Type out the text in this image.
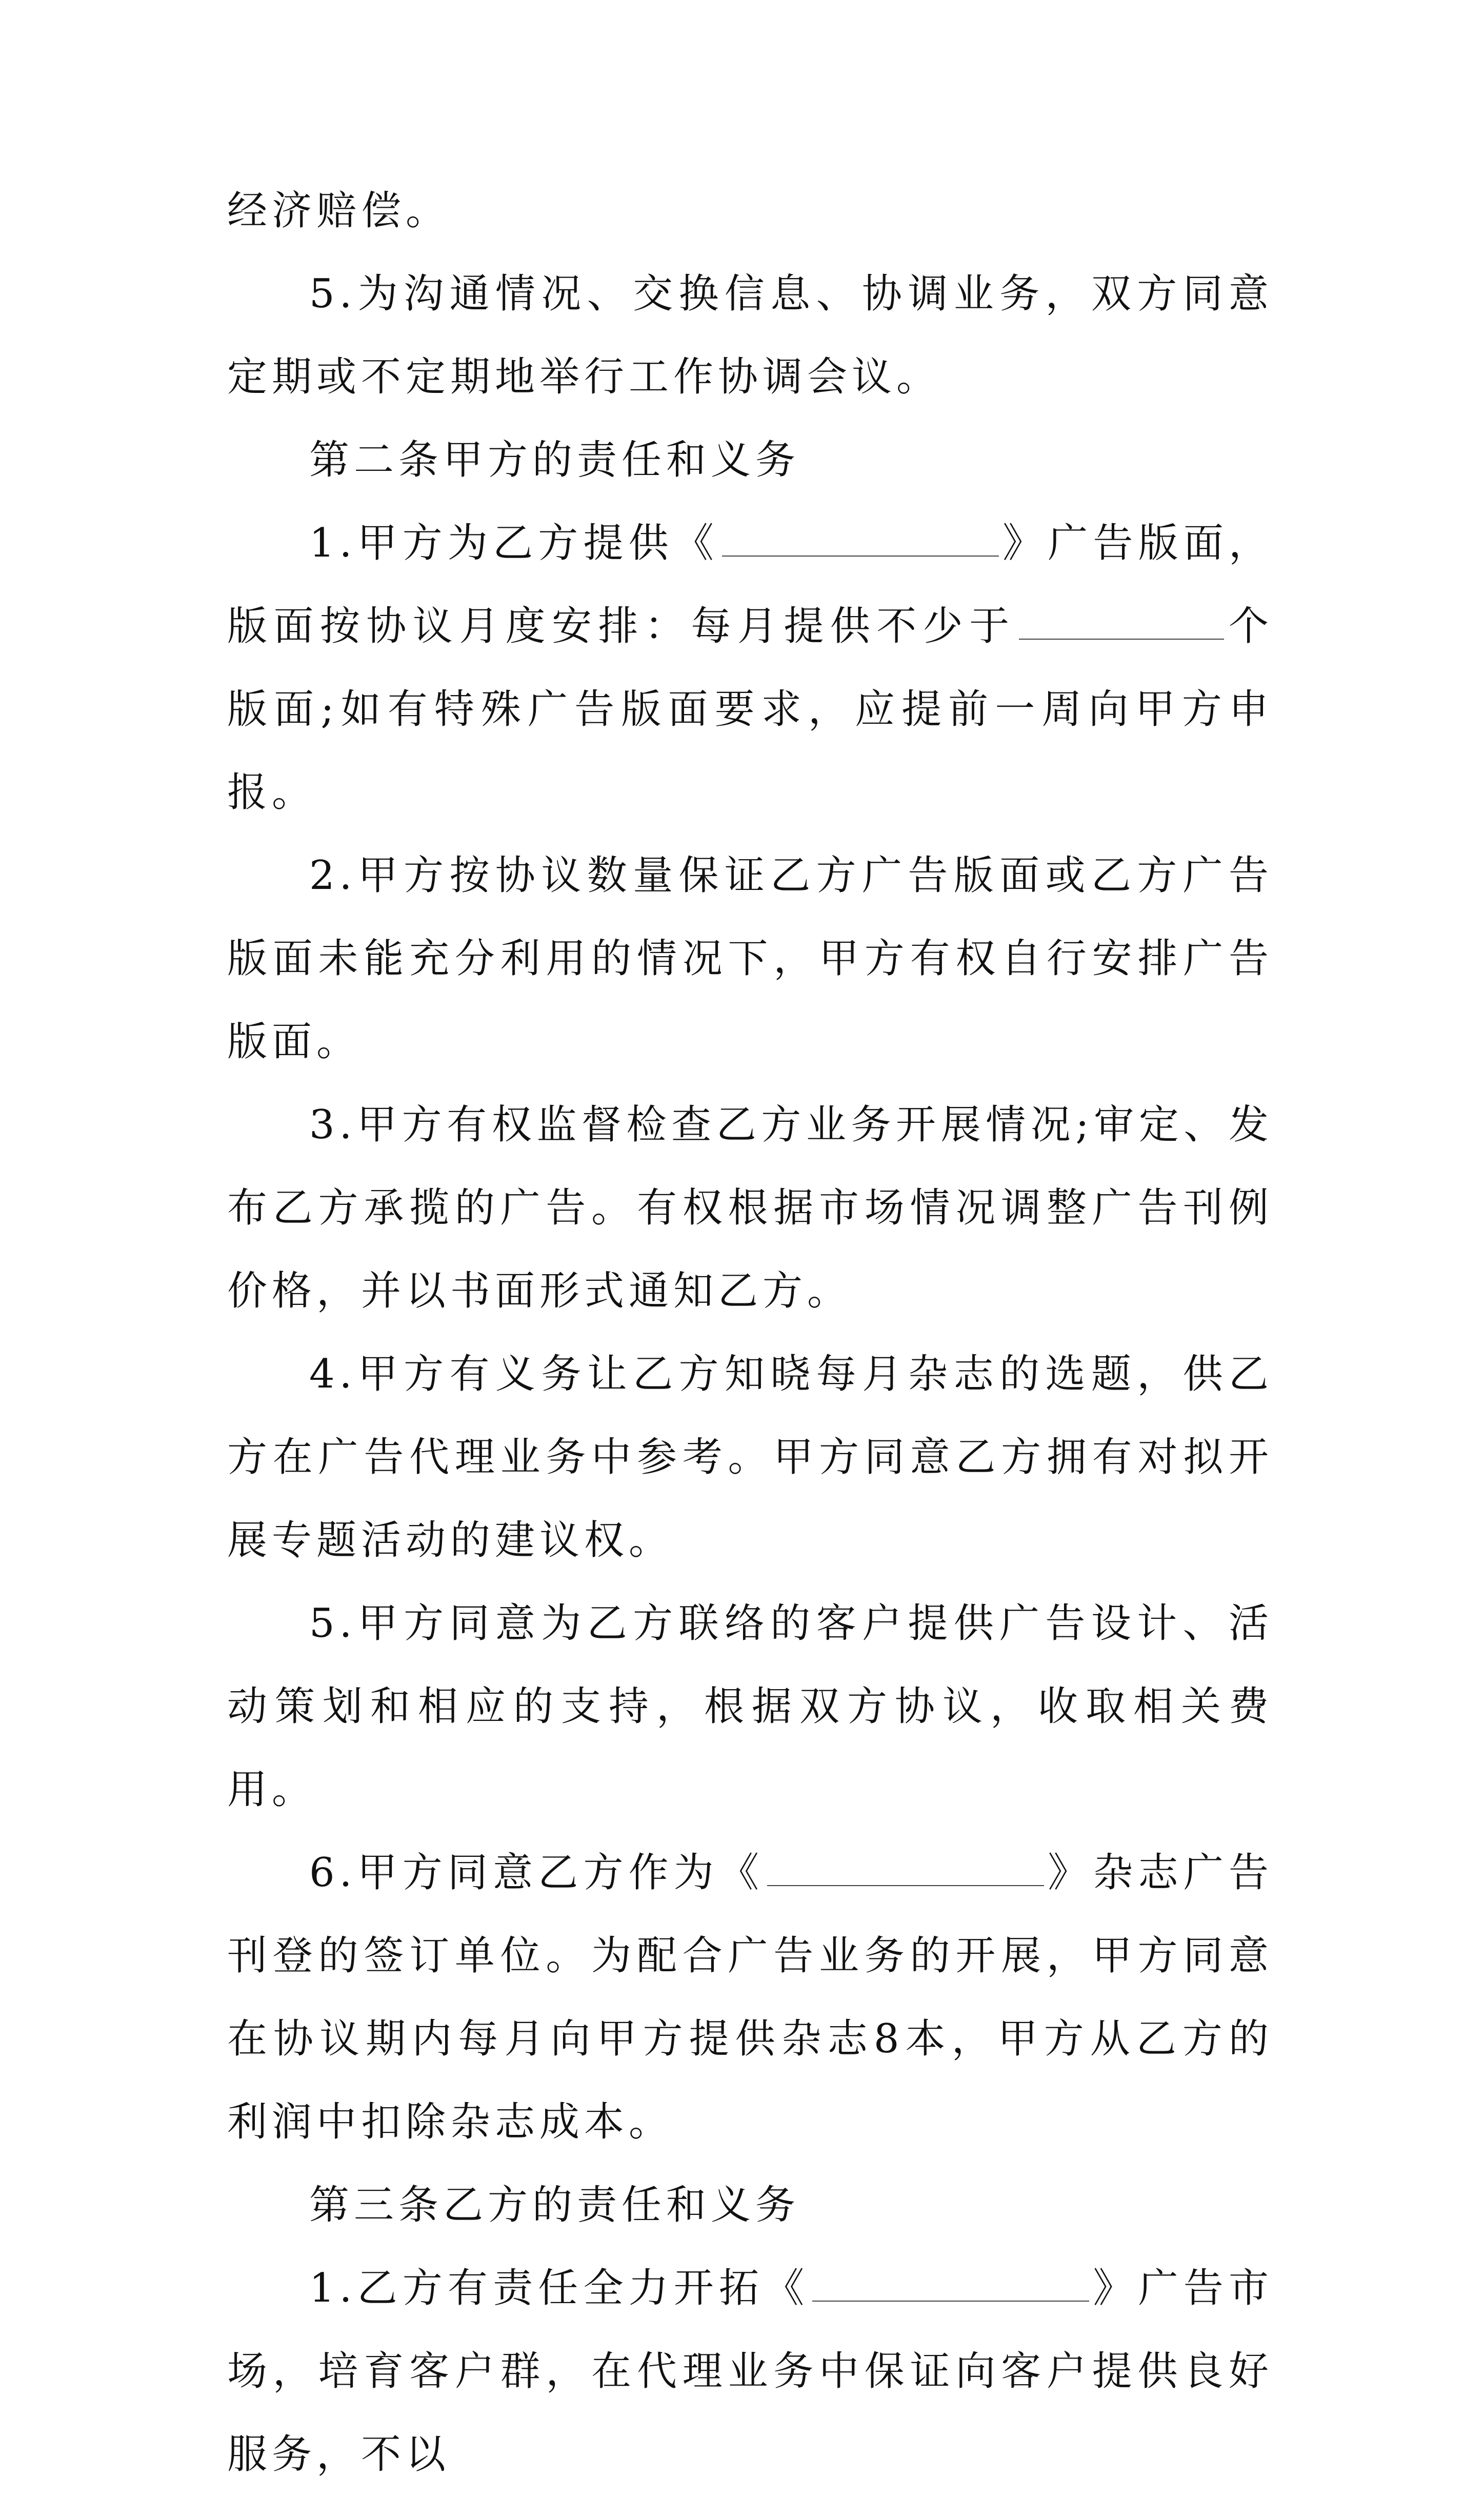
经济赔偿。

5.为沟通情况、交换信息、协调业务，双方同意定期或不定期地举行工作协调会议。

第二条甲方的责任和义务

1.甲方为乙方提供《	》广告版面，版面按协议月度安排：每月提供不少于	个版面;如有特殊广告版面要求，应提前一周向甲方申报。

2.甲方按协议数量保证乙方广告版面或乙方广告版面未能充分利用的情况下，甲方有权自行安排广告版面。

3.甲方有权监督检查乙方业务开展情况;审定、发布乙方承揽的广告。有权根据市场情况调整广告刊例价格，并以书面形式通知乙方。

4.甲方有义务让乙方知晓每月杂志的选题，供乙方在广告代理业务中参考。甲方同意乙方拥有对拟开展专题活动的建议权。

5.甲方同意为乙方联络的客户提供广告设计、活动策划和相应的支持，根据双方协议，收取相关费用。

6.甲方同意乙方作为《	》杂志广告刊登的签订单位。为配合广告业务的开展，甲方同意在协议期内每月向甲方提供杂志8本，甲方从乙方的利润中扣除杂志成本。

第三条乙方的责任和义务

1.乙方有责任全力开拓《	》广告市场，培育客户群，在代理业务中保证向客户提供良好服务，不以
